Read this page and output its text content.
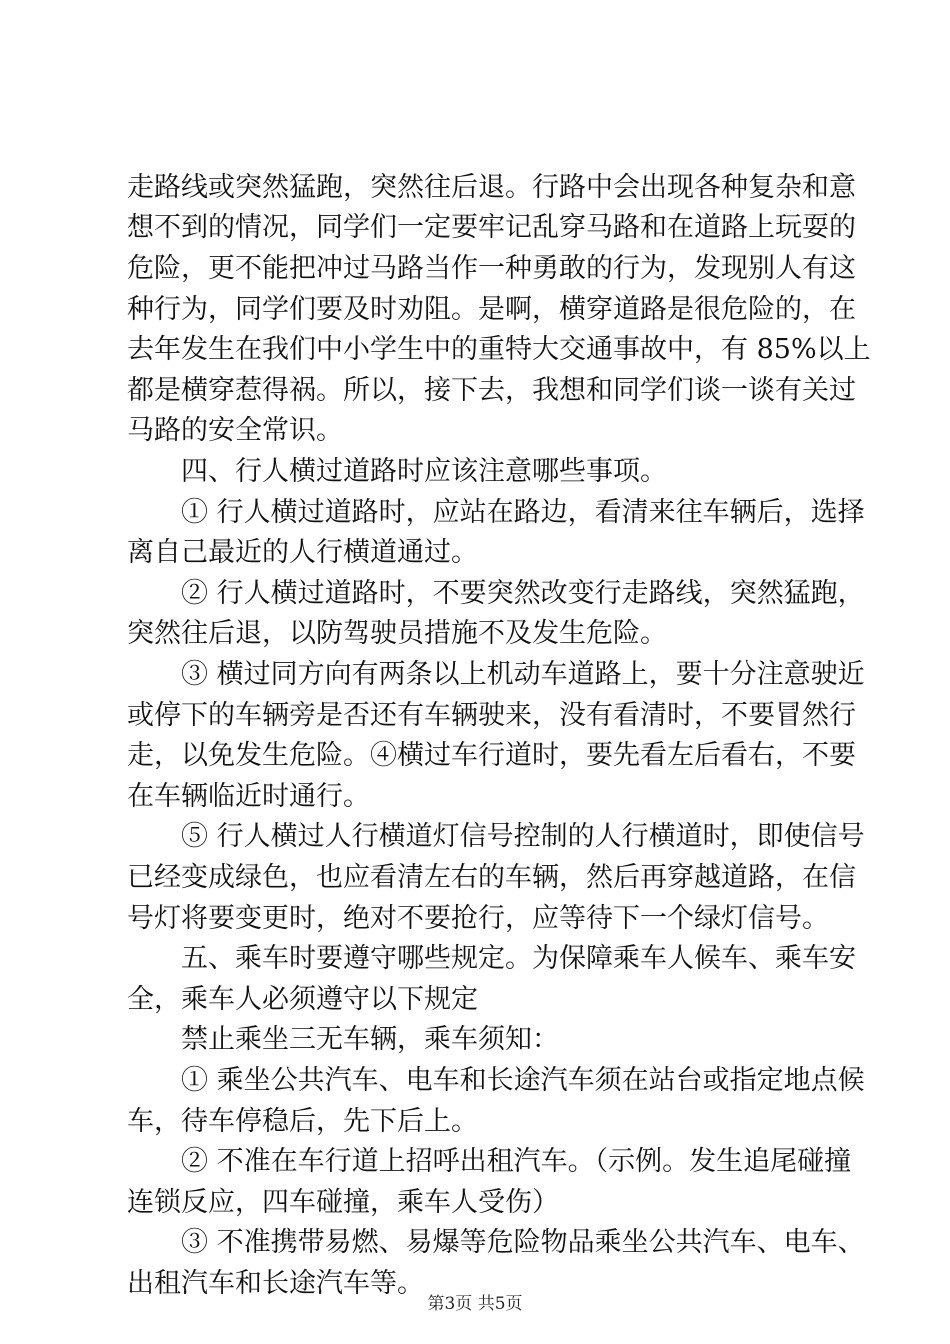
走路线或突然猛跑，突然往后退。行路中会出现各种复杂和意
想不到的情况，同学们一定要牢记乱穿马路和在道路上玩耍的
危险，更不能把冲过马路当作一种勇敢的行为，发现别人有这
种行为，同学们要及时劝阻。是啊，横穿道路是很危险的，在
去年发生在我们中小学生中的重特大交通事故中，有 85%以上
都是横穿惹得祸。所以，接下去，我想和同学们谈一谈有关过
马路的安全常识。
四、行人横过道路时应该注意哪些事项。
① 行人横过道路时，应站在路边，看清来往车辆后，选择
离自己最近的人行横道通过。
② 行人横过道路时，不要突然改变行走路线，突然猛跑，
突然往后退，以防驾驶员措施不及发生危险。
③ 横过同方向有两条以上机动车道路上，要十分注意驶近
或停下的车辆旁是否还有车辆驶来，没有看清时，不要冒然行
走，以免发生危险。④横过车行道时，要先看左后看右，不要
在车辆临近时通行。
⑤ 行人横过人行横道灯信号控制的人行横道时，即使信号
已经变成绿色，也应看清左右的车辆，然后再穿越道路，在信
号灯将要变更时，绝对不要抢行，应等待下一个绿灯信号。
五、乘车时要遵守哪些规定。为保障乘车人候车、乘车安
全，乘车人必须遵守以下规定
禁止乘坐三无车辆，乘车须知：
① 乘坐公共汽车、电车和长途汽车须在站台或指定地点候
车，待车停稳后，先下后上。
② 不准在车行道上招呼出租汽车。（示例。发生追尾碰撞
连锁反应，四车碰撞，乘车人受伤）
③ 不准携带易燃、易爆等危险物品乘坐公共汽车、电车、
出租汽车和长途汽车等。
第3页 共5页
